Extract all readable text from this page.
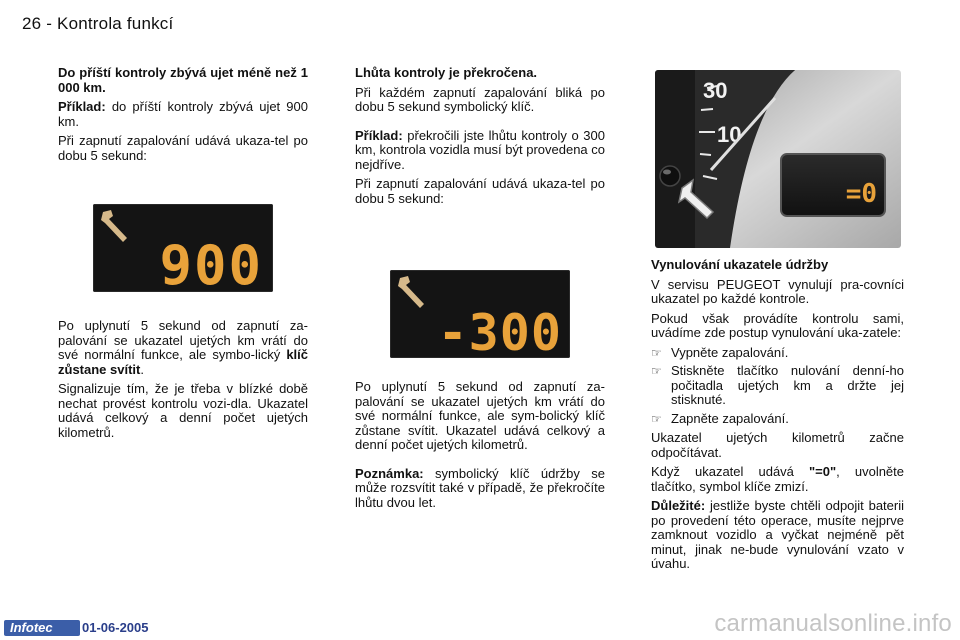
26 - Kontrola funkcí

Do příští kontroly zbývá ujet méně než 1 000 km.

Příklad: do příští kontroly zbývá ujet 900 km.

Při zapnutí zapalování udává ukaza-tel po dobu 5 sekund:

900

Po uplynutí 5 sekund od zapnutí za-palování se ukazatel ujetých km vrátí do své normální funkce, ale symbo-lický klíč zůstane svítit.

Signalizuje tím, že je třeba v blízké době nechat provést kontrolu vozi-dla. Ukazatel udává celkový a denní počet ujetých kilometrů.

Lhůta kontroly je překročena.

Při každém zapnutí zapalování bliká po dobu 5 sekund symbolický klíč.

Příklad: překročili jste lhůtu kontroly o 300 km, kontrola vozidla musí být provedena co nejdříve.

Při zapnutí zapalování udává ukaza-tel po dobu 5 sekund:

-300

Po uplynutí 5 sekund od zapnutí za-palování se ukazatel ujetých km vrátí do své normální funkce, ale sym-bolický klíč zůstane svítit. Ukazatel udává celkový a denní počet ujetých kilometrů.

Poznámka: symbolický klíč údržby se může rozsvítit také v případě, že překročíte lhůtu dvou let.

30
10
=0

Vynulování ukazatele údržby

V servisu PEUGEOT vynulují pra-covníci ukazatel po každé kontrole.

Pokud však provádíte kontrolu sami, uvádíme zde postup vynulování uka-zatele:

☞ Vypněte zapalování.
☞ Stiskněte tlačítko nulování denní-ho počitadla ujetých km a držte jej stisknuté.
☞ Zapněte zapalování.

Ukazatel ujetých kilometrů začne odpočítávat.

Když ukazatel udává "=0", uvolněte tlačítko, symbol klíče zmizí.

Důležité: jestliže byste chtěli odpojit baterii po provedení této operace, musíte nejprve zamknout vozidlo a vyčkat nejméně pět minut, jinak ne-bude vynulování vzato v úvahu.

Infotec	01-06-2005	carmanualsonline.info
